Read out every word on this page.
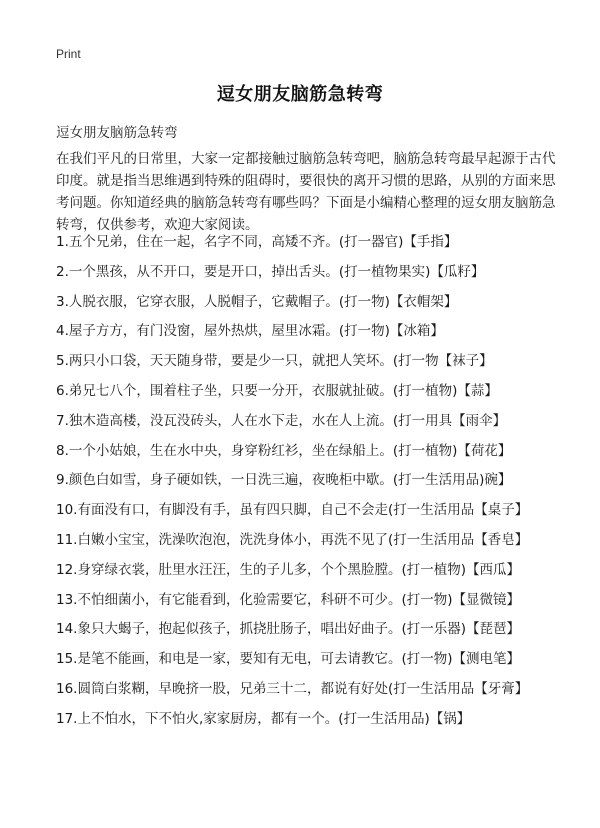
Print
逗女朋友脑筋急转弯
逗女朋友脑筋急转弯

在我们平凡的日常里，大家一定都接触过脑筋急转弯吧，脑筋急转弯最早起源于古代印度。就是指当思维遇到特殊的阻碍时，要很快的离开习惯的思路，从别的方面来思考问题。你知道经典的脑筋急转弯有哪些吗？下面是小编精心整理的逗女朋友脑筋急转弯，仅供参考，欢迎大家阅读。

1.五个兄弟，住在一起，名字不同，高矮不齐。(打一器官)【手指】
2.一个黑孩，从不开口，要是开口，掉出舌头。(打一植物果实)【瓜籽】
3.人脱衣服，它穿衣服，人脱帽子，它戴帽子。(打一物)【衣帽架】
4.屋子方方，有门没窗，屋外热烘，屋里冰霜。(打一物)【冰箱】
5.两只小口袋，天天随身带，要是少一只，就把人笑坏。(打一物【袜子】
6.弟兄七八个，围着柱子坐，只要一分开，衣服就扯破。(打一植物)【蒜】
7.独木造高楼，没瓦没砖头，人在水下走，水在人上流。(打一用具【雨伞】
8.一个小姑娘，生在水中央，身穿粉红衫，坐在绿船上。(打一植物)【荷花】
9.颜色白如雪，身子硬如铁，一日洗三遍，夜晚柜中歇。(打一生活用品)碗】
10.有面没有口，有脚没有手，虽有四只脚，自己不会走(打一生活用品【桌子】
11.白嫩小宝宝，洗澡吹泡泡，洗洗身体小，再洗不见了(打一生活用品【香皂】
12.身穿绿衣裳，肚里水汪汪，生的子儿多，个个黑脸膛。(打一植物)【西瓜】
13.不怕细菌小，有它能看到，化验需要它，科研不可少。(打一物)【显微镜】
14.象只大蝎子，抱起似孩子，抓挠肚肠子，唱出好曲子。(打一乐器)【琵琶】
15.是笔不能画，和电是一家，要知有无电，可去请教它。(打一物)【测电笔】
16.圆筒白浆糊，早晚挤一股，兄弟三十二，都说有好处(打一生活用品【牙膏】
17.上不怕水，下不怕火,家家厨房，都有一个。(打一生活用品)【锅】
